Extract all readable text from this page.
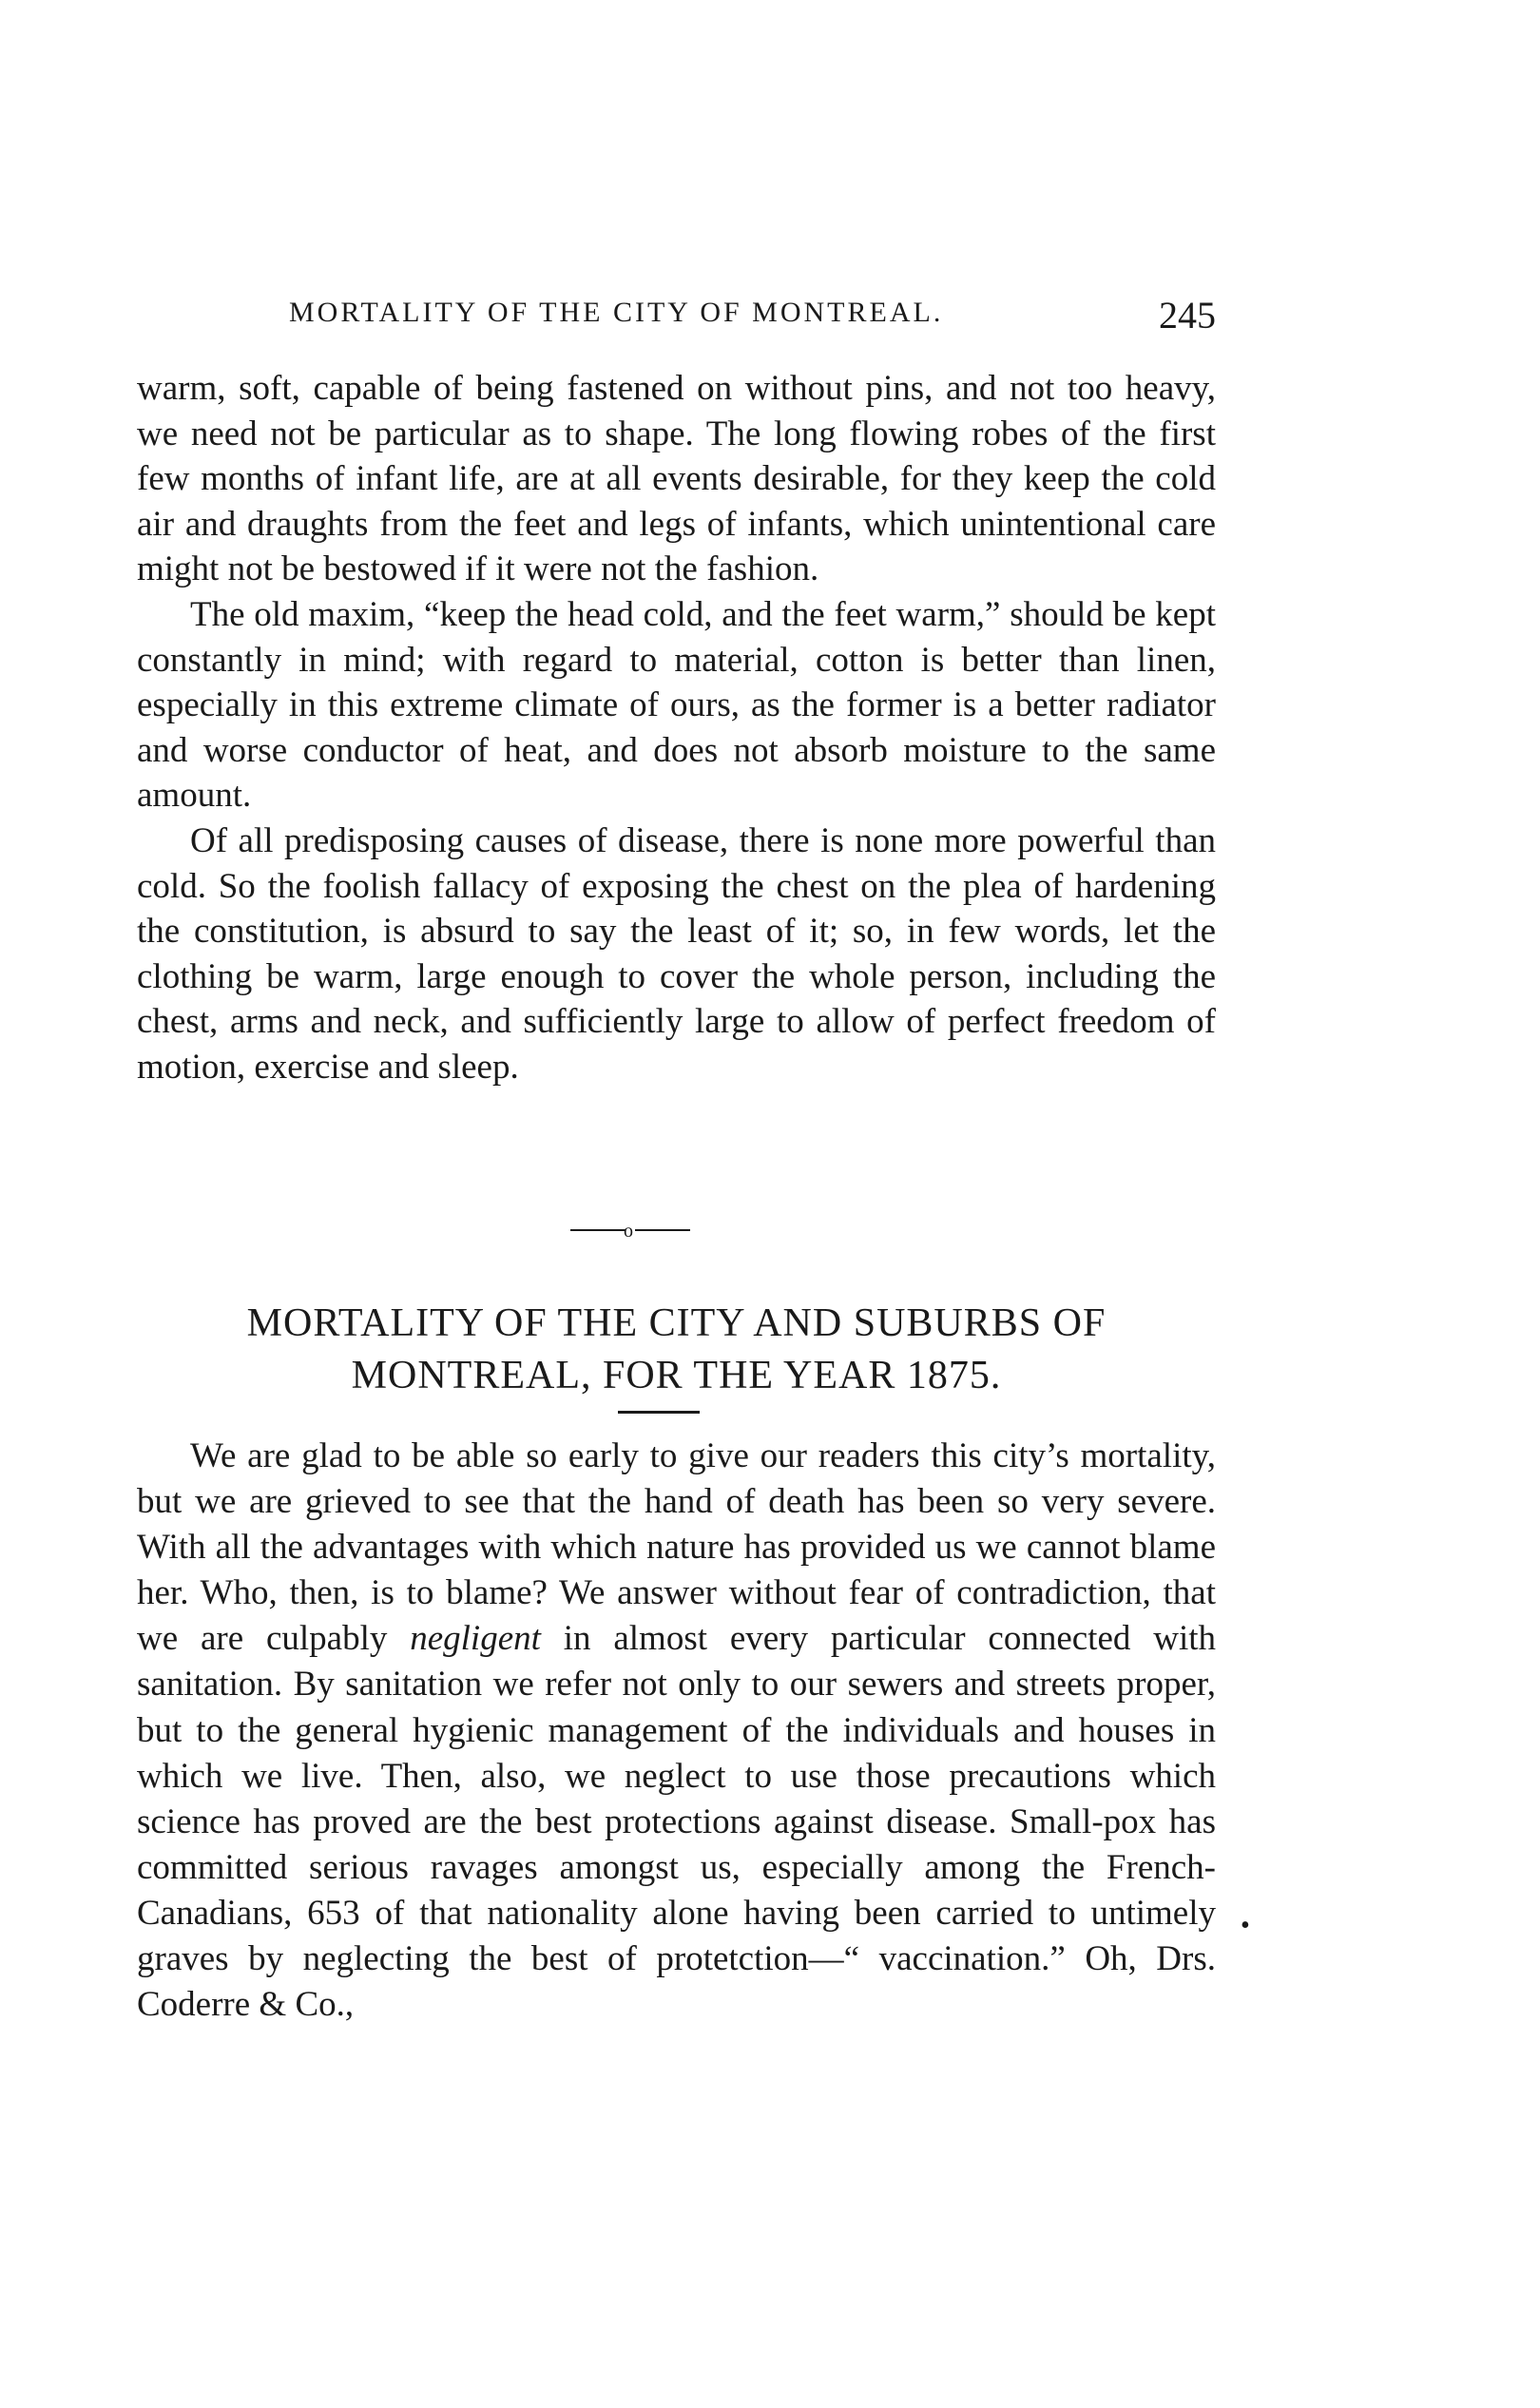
MORTALITY OF THE CITY OF MONTREAL.	245

warm, soft, capable of being fastened on without pins, and not too heavy, we need not be particular as to shape. The long flowing robes of the first few months of infant life, are at all events desirable, for they keep the cold air and draughts from the feet and legs of infants, which unintentional care might not be bestowed if it were not the fashion.

The old maxim, “keep the head cold, and the feet warm,” should be kept constantly in mind; with regard to material, cotton is better than linen, especially in this extreme climate of ours, as the former is a better radiator and worse conductor of heat, and does not absorb moisture to the same amount.

Of all predisposing causes of disease, there is none more powerful than cold. So the foolish fallacy of exposing the chest on the plea of hardening the constitution, is absurd to say the least of it; so, in few words, let the clothing be warm, large enough to cover the whole person, including the chest, arms and neck, and sufficiently large to allow of perfect freedom of motion, exercise and sleep.

o
MORTALITY OF THE CITY AND SUBURBS OF
MONTREAL, FOR THE YEAR 1875.

We are glad to be able so early to give our readers this city’s mortality, but we are grieved to see that the hand of death has been so very severe. With all the advantages with which nature has provided us we cannot blame her. Who, then, is to blame? We answer without fear of contradiction, that we are culpably negligent in almost every particular connected with sanitation. By sanitation we refer not only to our sewers and streets proper, but to the general hygienic management of the individuals and houses in which we live. Then, also, we neglect to use those precautions which science has proved are the best protections against disease. Small-pox has committed serious ravages amongst us, especially among the French-Canadians, 653 of that nationality alone having been carried to untimely graves by neglecting the best of protetction—“ vaccination.” Oh, Drs. Coderre & Co.,

•
